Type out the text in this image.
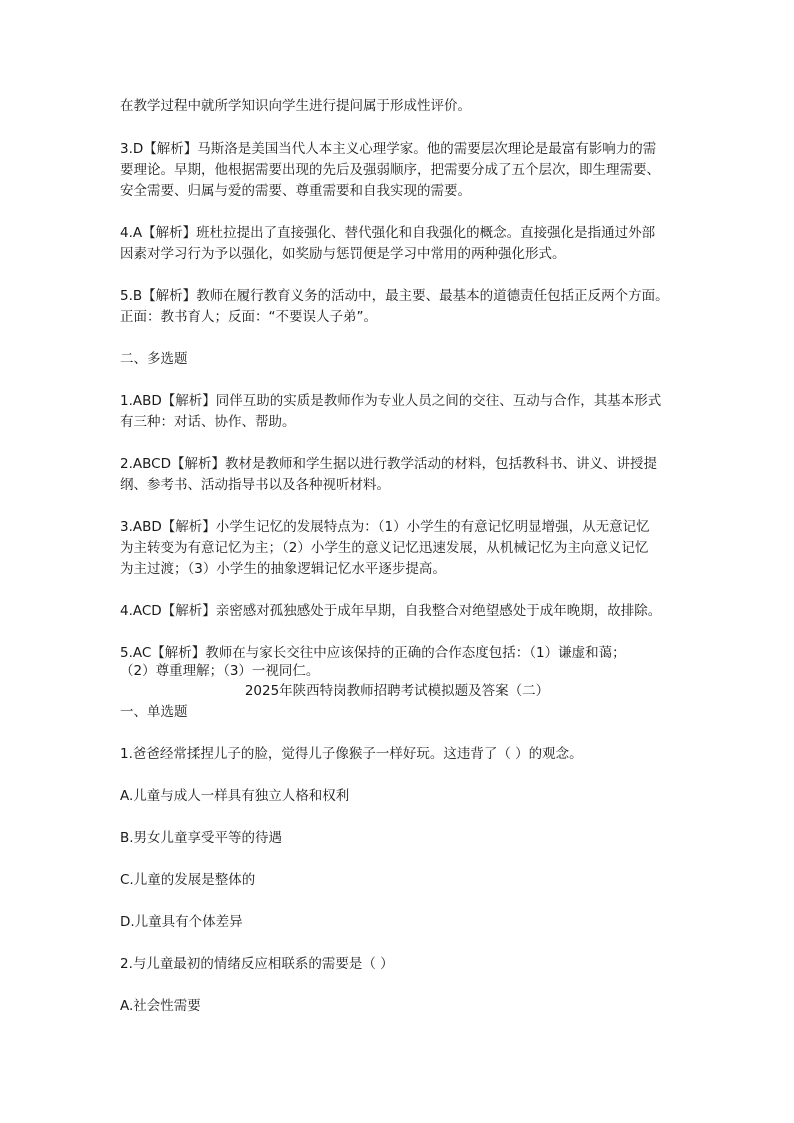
在教学过程中就所学知识向学生进行提问属于形成性评价。
3.D【解析】马斯洛是美国当代人本主义心理学家。他的需要层次理论是最富有影响力的需
要理论。早期，他根据需要出现的先后及强弱顺序，把需要分成了五个层次，即生理需要、
安全需要、归属与爱的需要、尊重需要和自我实现的需要。
4.A【解析】班杜拉提出了直接强化、替代强化和自我强化的概念。直接强化是指通过外部
因素对学习行为予以强化，如奖励与惩罚便是学习中常用的两种强化形式。
5.B【解析】教师在履行教育义务的活动中，最主要、最基本的道德责任包括正反两个方面。
正面：教书育人；反面：“不要误人子弟”。
二、多选题
1.ABD【解析】同伴互助的实质是教师作为专业人员之间的交往、互动与合作，其基本形式
有三种：对话、协作、帮助。
2.ABCD【解析】教材是教师和学生据以进行教学活动的材料，包括教科书、讲义、讲授提
纲、参考书、活动指导书以及各种视听材料。
3.ABD【解析】小学生记忆的发展特点为：（1）小学生的有意记忆明显增强，从无意记忆
为主转变为有意记忆为主；（2）小学生的意义记忆迅速发展，从机械记忆为主向意义记忆
为主过渡；（3）小学生的抽象逻辑记忆水平逐步提高。
4.ACD【解析】亲密感对孤独感处于成年早期，自我整合对绝望感处于成年晚期，故排除。
5.AC【解析】教师在与家长交往中应该保持的正确的合作态度包括：（1）谦虚和蔼；
（2）尊重理解；（3）一视同仁。
2025年陕西特岗教师招聘考试模拟题及答案（二）
一、单选题
1.爸爸经常揉捏儿子的脸，觉得儿子像猴子一样好玩。这违背了（ ）的观念。
A.儿童与成人一样具有独立人格和权利
B.男女儿童享受平等的待遇
C.儿童的发展是整体的
D.儿童具有个体差异
2.与儿童最初的情绪反应相联系的需要是（ ）
A.社会性需要
